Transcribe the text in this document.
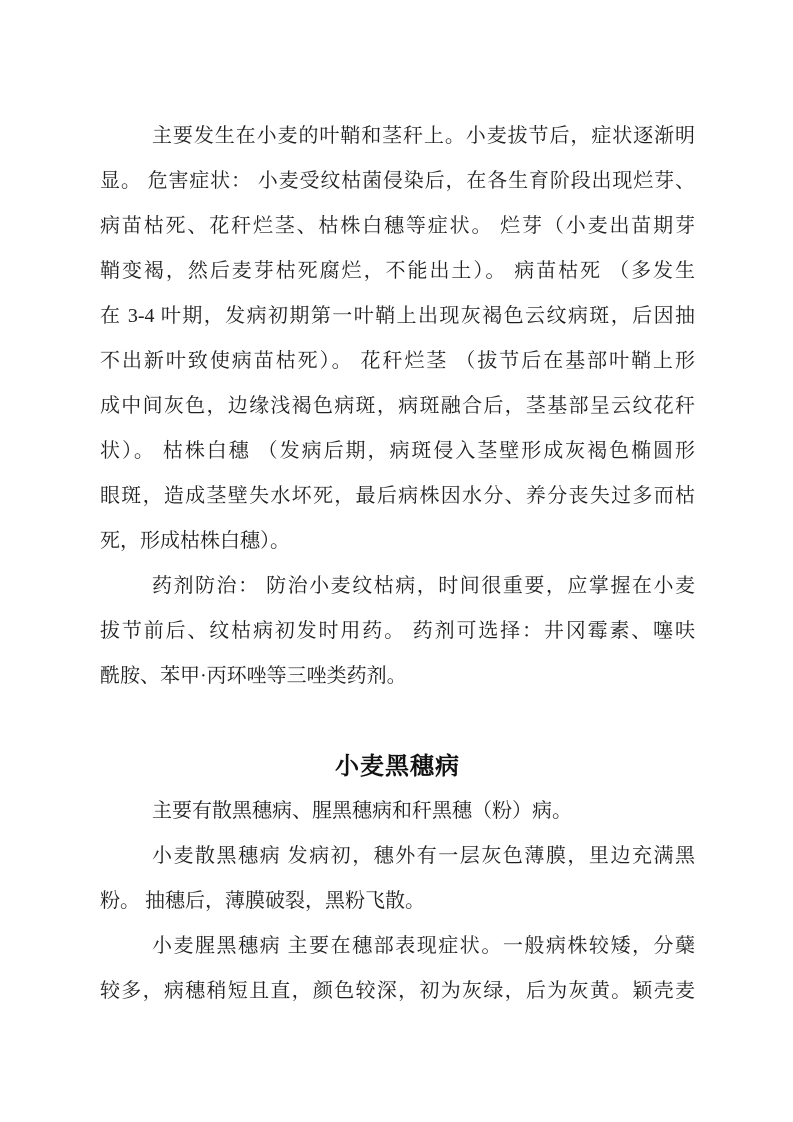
主要发生在小麦的叶鞘和茎秆上。小麦拔节后，症状逐渐明
显。 危害症状： 小麦受纹枯菌侵染后，在各生育阶段出现烂芽、
病苗枯死、花秆烂茎、枯株白穗等症状。 烂芽（小麦出苗期芽
鞘变褐，然后麦芽枯死腐烂，不能出土）。 病苗枯死 （多发生
在 3-4 叶期，发病初期第一叶鞘上出现灰褐色云纹病斑，后因抽
不出新叶致使病苗枯死）。 花秆烂茎 （拔节后在基部叶鞘上形
成中间灰色，边缘浅褐色病斑，病斑融合后，茎基部呈云纹花秆
状）。 枯株白穗 （发病后期，病斑侵入茎壁形成灰褐色椭圆形
眼斑，造成茎壁失水坏死，最后病株因水分、养分丧失过多而枯
死，形成枯株白穗）。
药剂防治： 防治小麦纹枯病，时间很重要，应掌握在小麦
拔节前后、纹枯病初发时用药。 药剂可选择：井冈霉素、噻呋
酰胺、苯甲·丙环唑等三唑类药剂。
小麦黑穗病
主要有散黑穗病、腥黑穗病和秆黑穗（粉）病。
小麦散黑穗病 发病初，穗外有一层灰色薄膜，里边充满黑
粉。 抽穗后，薄膜破裂，黑粉飞散。
小麦腥黑穗病 主要在穗部表现症状。一般病株较矮，分蘖
较多，病穗稍短且直，颜色较深，初为灰绿，后为灰黄。颖壳麦
